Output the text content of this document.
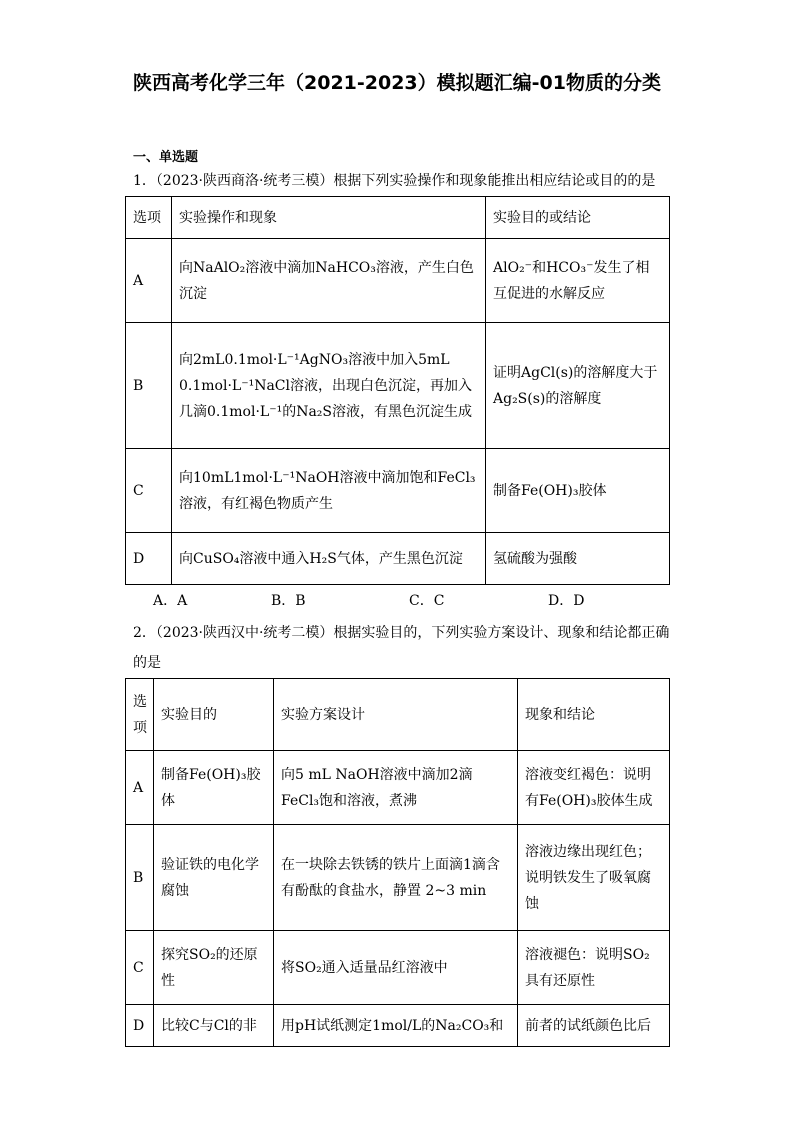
陕西高考化学三年（2021-2023）模拟题汇编-01物质的分类
一、单选题
1．（2023·陕西商洛·统考三模）根据下列实验操作和现象能推出相应结论或目的的是
选项	实验操作和现象	实验目的或结论
A	向NaAlO₂溶液中滴加NaHCO₃溶液，产生白色沉淀	AlO₂⁻和HCO₃⁻发生了相互促进的水解反应
B	向2mL0.1mol·L⁻¹AgNO₃溶液中加入5mL 0.1mol·L⁻¹NaCl溶液，出现白色沉淀，再加入几滴0.1mol·L⁻¹的Na₂S溶液，有黑色沉淀生成	证明AgCl(s)的溶解度大于Ag₂S(s)的溶解度
C	向10mL1mol·L⁻¹NaOH溶液中滴加饱和FeCl₃溶液，有红褐色物质产生	制备Fe(OH)₃胶体
D	向CuSO₄溶液中通入H₂S气体，产生黑色沉淀	氢硫酸为强酸
A．A	B．B	C．C	D．D
2．（2023·陕西汉中·统考二模）根据实验目的，下列实验方案设计、现象和结论都正确
的是
选项	实验目的	实验方案设计	现象和结论
A	制备Fe(OH)₃胶体	向5 mL NaOH溶液中滴加2滴FeCl₃饱和溶液，煮沸	溶液变红褐色：说明有Fe(OH)₃胶体生成
B	验证铁的电化学腐蚀	在一块除去铁锈的铁片上面滴1滴含有酚酞的食盐水，静置 2~3 min	溶液边缘出现红色；说明铁发生了吸氧腐蚀
C	探究SO₂的还原性	将SO₂通入适量品红溶液中	溶液褪色：说明SO₂具有还原性
D	比较C与Cl的非	用pH试纸测定1mol/L的Na₂CO₃和	前者的试纸颜色比后
